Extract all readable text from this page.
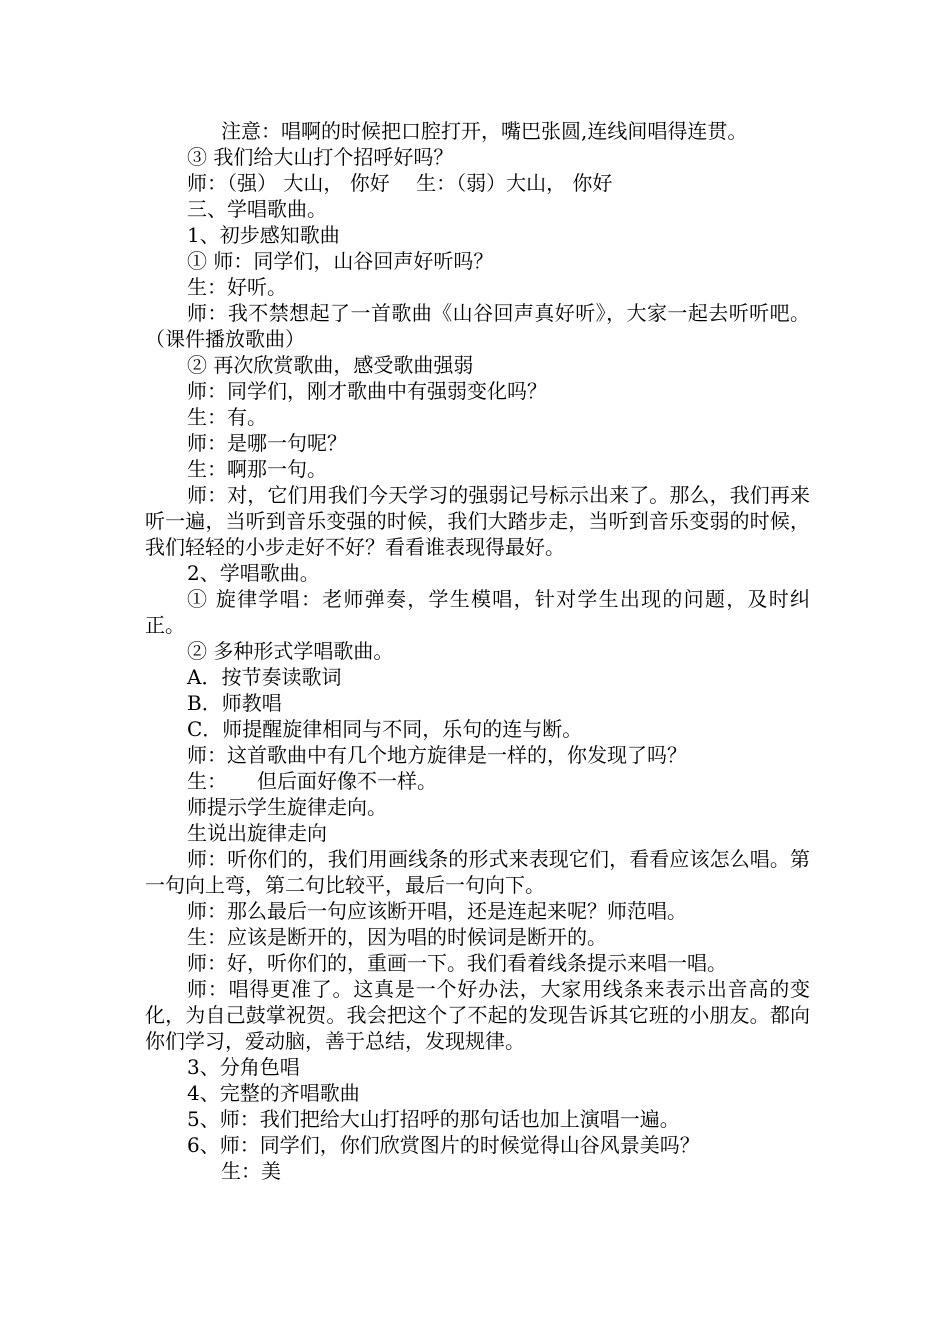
注意：唱啊的时候把口腔打开，嘴巴张圆,连线间唱得连贯。

③ 我们给大山打个招呼好吗？

师：（强） 大山， 你好 　生：（弱）大山， 你好

三、学唱歌曲。

1、初步感知歌曲

① 师：同学们，山谷回声好听吗？

生：好听。

师：我不禁想起了一首歌曲《山谷回声真好听》，大家一起去听听吧。（课件播放歌曲）

② 再次欣赏歌曲，感受歌曲强弱

师：同学们，刚才歌曲中有强弱变化吗？

生：有。

师：是哪一句呢？

生：啊那一句。

师：对，它们用我们今天学习的强弱记号标示出来了。那么，我们再来听一遍，当听到音乐变强的时候，我们大踏步走，当听到音乐变弱的时候，我们轻轻的小步走好不好？看看谁表现得最好。

2、学唱歌曲。

① 旋律学唱：老师弹奏，学生模唱，针对学生出现的问题，及时纠正。

② 多种形式学唱歌曲。

A．按节奏读歌词

B．师教唱

C．师提醒旋律相同与不同，乐句的连与断。

师：这首歌曲中有几个地方旋律是一样的，你发现了吗？

生：　　但后面好像不一样。

师提示学生旋律走向。

生说出旋律走向

师：听你们的，我们用画线条的形式来表现它们，看看应该怎么唱。第一句向上弯，第二句比较平，最后一句向下。

师：那么最后一句应该断开唱，还是连起来呢？师范唱。

生：应该是断开的，因为唱的时候词是断开的。

师：好，听你们的，重画一下。我们看着线条提示来唱一唱。

师：唱得更准了。这真是一个好办法，大家用线条来表示出音高的变化，为自己鼓掌祝贺。我会把这个了不起的发现告诉其它班的小朋友。都向你们学习，爱动脑，善于总结，发现规律。

3、分角色唱

4、完整的齐唱歌曲

5、师：我们把给大山打招呼的那句话也加上演唱一遍。

6、师：同学们，你们欣赏图片的时候觉得山谷风景美吗？

生：美
